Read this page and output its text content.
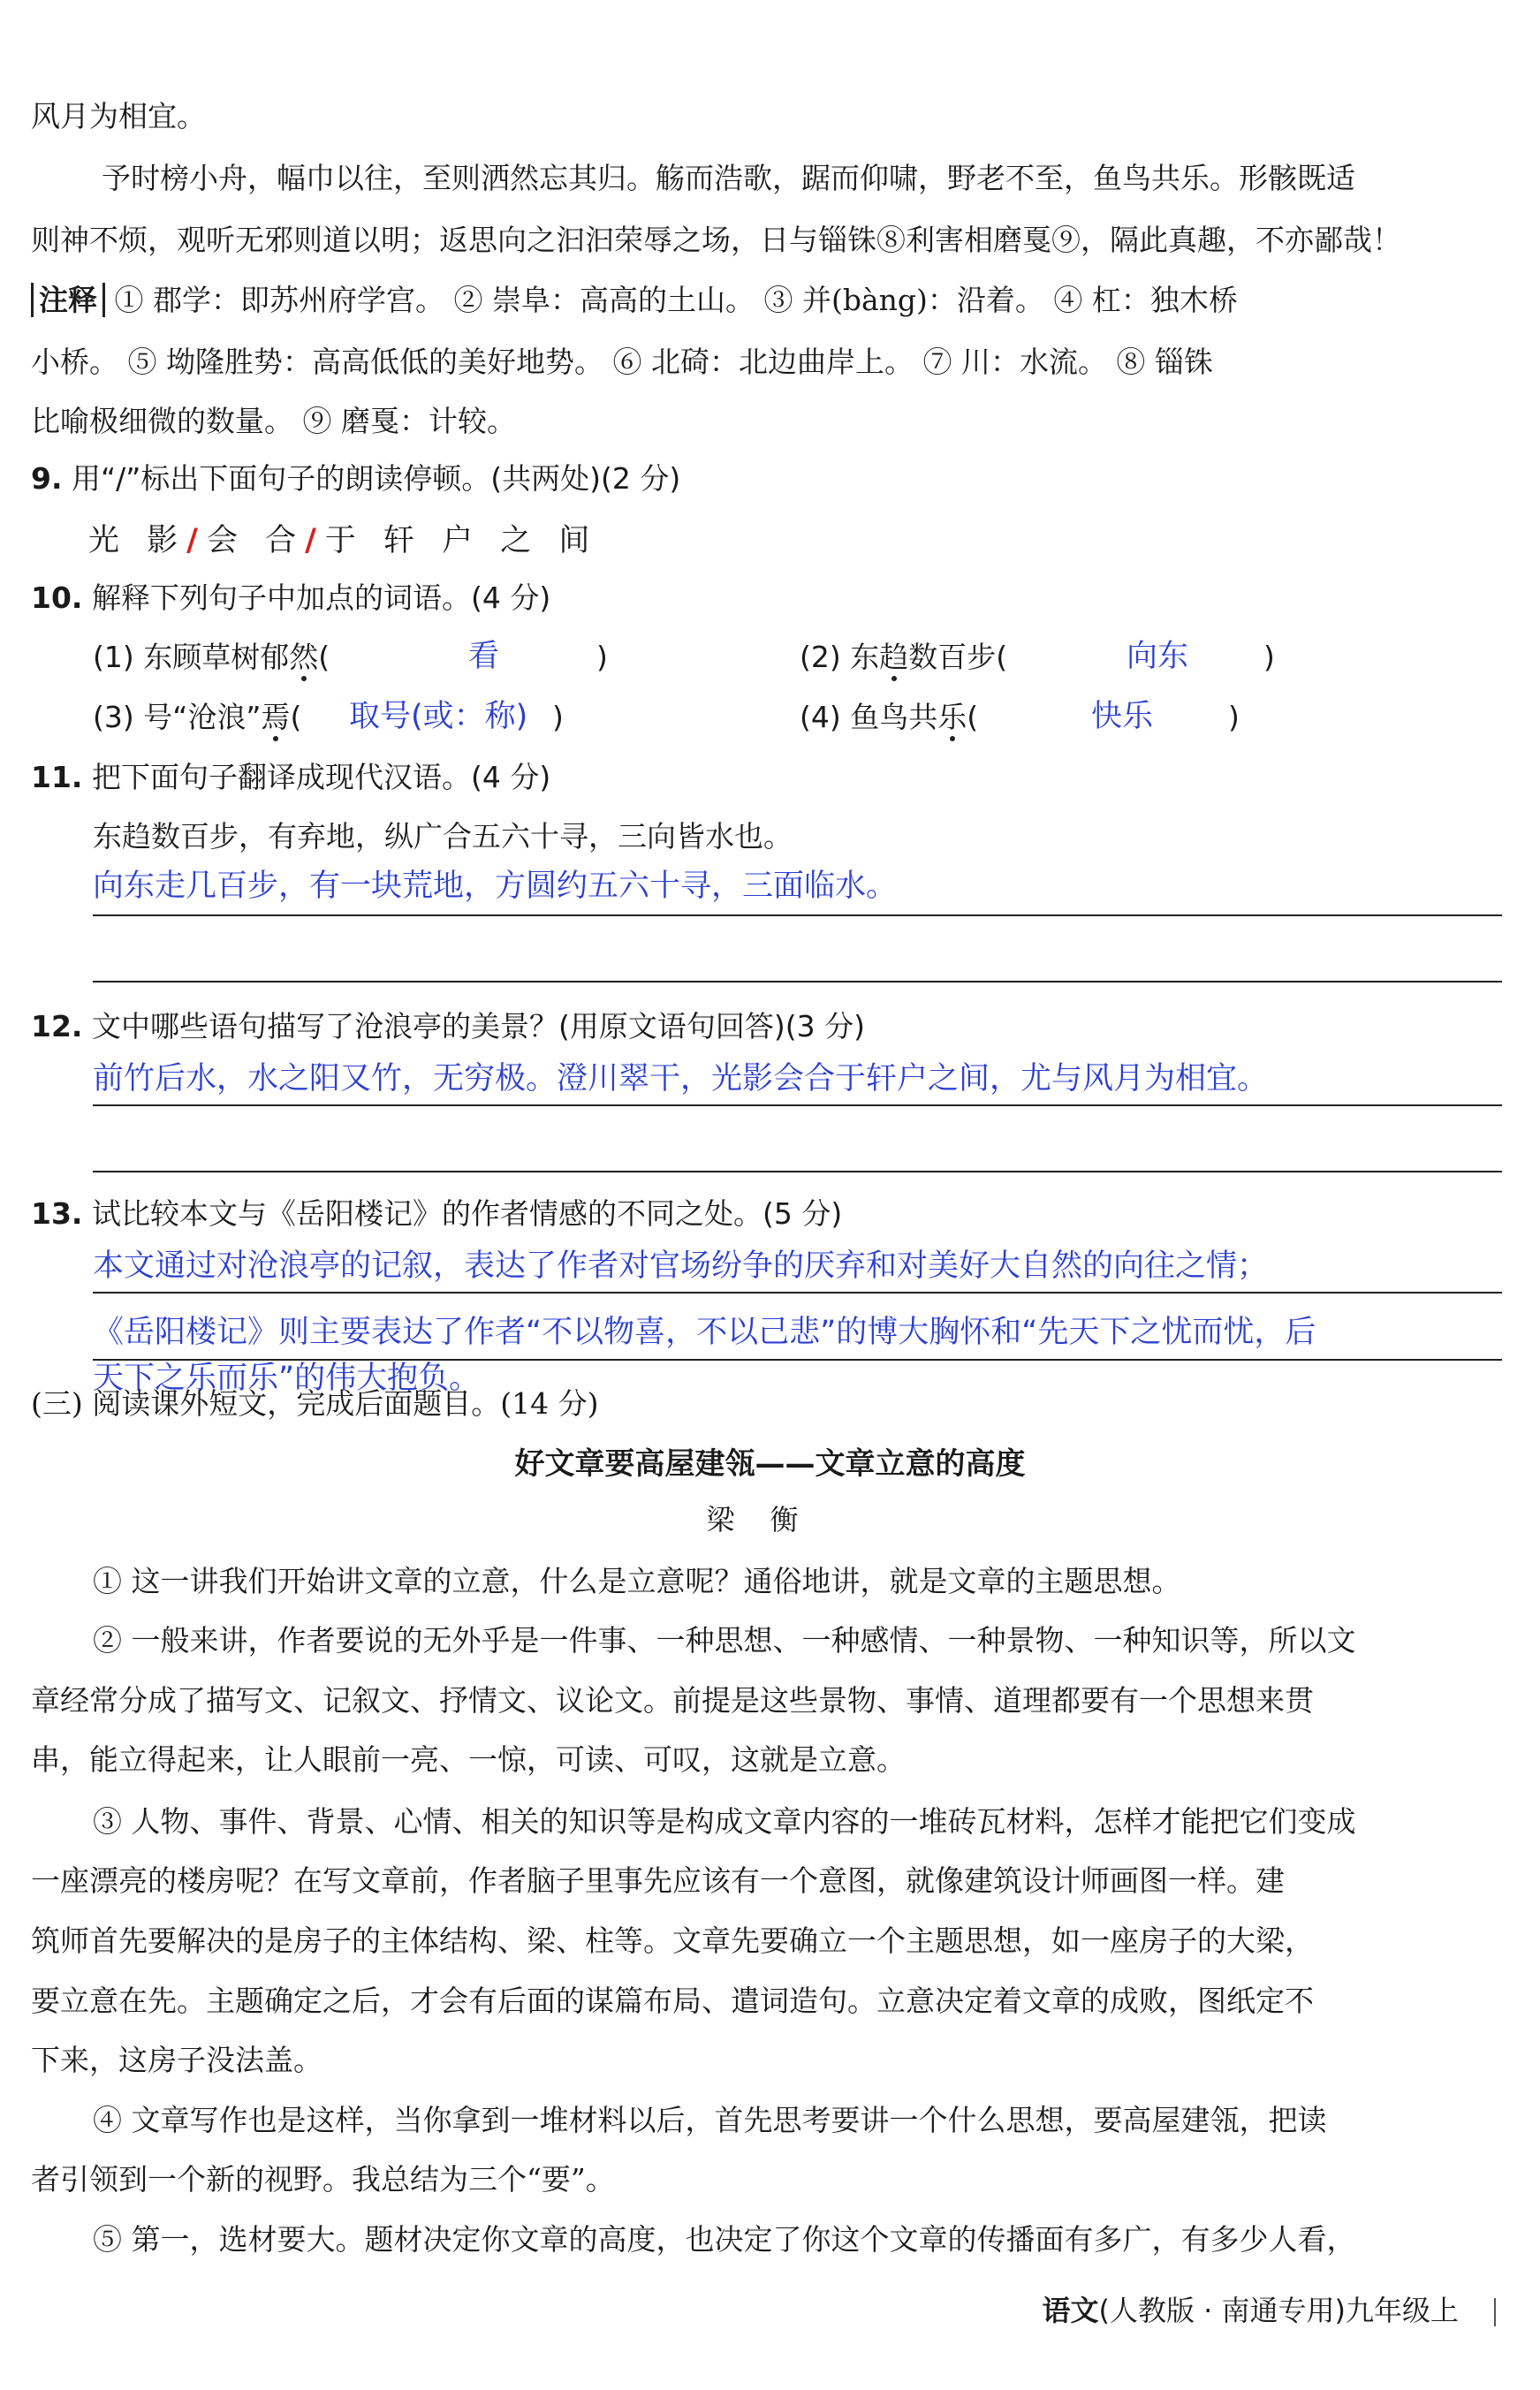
风月为相宜。
予时榜小舟，幅巾以往，至则洒然忘其归。觞而浩歌，踞而仰啸，野老不至，鱼鸟共乐。形骸既适
则神不烦，观听无邪则道以明；返思向之汩汩荣辱之场，日与锱铢⑧利害相磨戛⑨，隔此真趣，不亦鄙哉！
注释 ① 郡学：即苏州府学宫。 ② 崇阜：高高的土山。 ③ 并(bàng)：沿着。 ④ 杠：独木桥
小桥。 ⑤ 坳隆胜势：高高低低的美好地势。 ⑥ 北碕：北边曲岸上。 ⑦ 川：水流。 ⑧ 锱铢
比喻极细微的数量。 ⑨ 磨戛：计较。
9. 用“/”标出下面句子的朗读停顿。(共两处)(2 分)
光 影/会 合/于 轩 户 之 间
10. 解释下列句子中加点的词语。(4 分)
(1) 东顾草树郁然(	看	)	(2) 东趋数百步(	向东	)
(3) 号“沧浪”焉( 取号(或：称) )	(4) 鱼鸟共乐(	快乐	)
11. 把下面句子翻译成现代汉语。(4 分)
东趋数百步，有弃地，纵广合五六十寻，三向皆水也。
向东走几百步，有一块荒地，方圆约五六十寻，三面临水。
12. 文中哪些语句描写了沧浪亭的美景？(用原文语句回答)(3 分)
前竹后水，水之阳又竹，无穷极。澄川翠干，光影会合于轩户之间，尤与风月为相宜。
13. 试比较本文与《岳阳楼记》的作者情感的不同之处。(5 分)
本文通过对沧浪亭的记叙，表达了作者对官场纷争的厌弃和对美好大自然的向往之情；
《岳阳楼记》则主要表达了作者“不以物喜，不以己悲”的博大胸怀和“先天下之忧而忧，后
天下之乐而乐”的伟大抱负。
(三) 阅读课外短文，完成后面题目。(14 分)
好文章要高屋建瓴——文章立意的高度
梁衡
① 这一讲我们开始讲文章的立意，什么是立意呢？通俗地讲，就是文章的主题思想。
② 一般来讲，作者要说的无外乎是一件事、一种思想、一种感情、一种景物、一种知识等，所以文
章经常分成了描写文、记叙文、抒情文、议论文。前提是这些景物、事情、道理都要有一个思想来贯
串，能立得起来，让人眼前一亮、一惊，可读、可叹，这就是立意。
③ 人物、事件、背景、心情、相关的知识等是构成文章内容的一堆砖瓦材料，怎样才能把它们变成
一座漂亮的楼房呢？在写文章前，作者脑子里事先应该有一个意图，就像建筑设计师画图一样。建
筑师首先要解决的是房子的主体结构、梁、柱等。文章先要确立一个主题思想，如一座房子的大梁，
要立意在先。主题确定之后，才会有后面的谋篇布局、遣词造句。立意决定着文章的成败，图纸定不
下来，这房子没法盖。
④ 文章写作也是这样，当你拿到一堆材料以后，首先思考要讲一个什么思想，要高屋建瓴，把读
者引领到一个新的视野。我总结为三个“要”。
⑤ 第一，选材要大。题材决定你文章的高度，也决定了你这个文章的传播面有多广，有多少人看，
语文(人教版 · 南通专用)九年级上
